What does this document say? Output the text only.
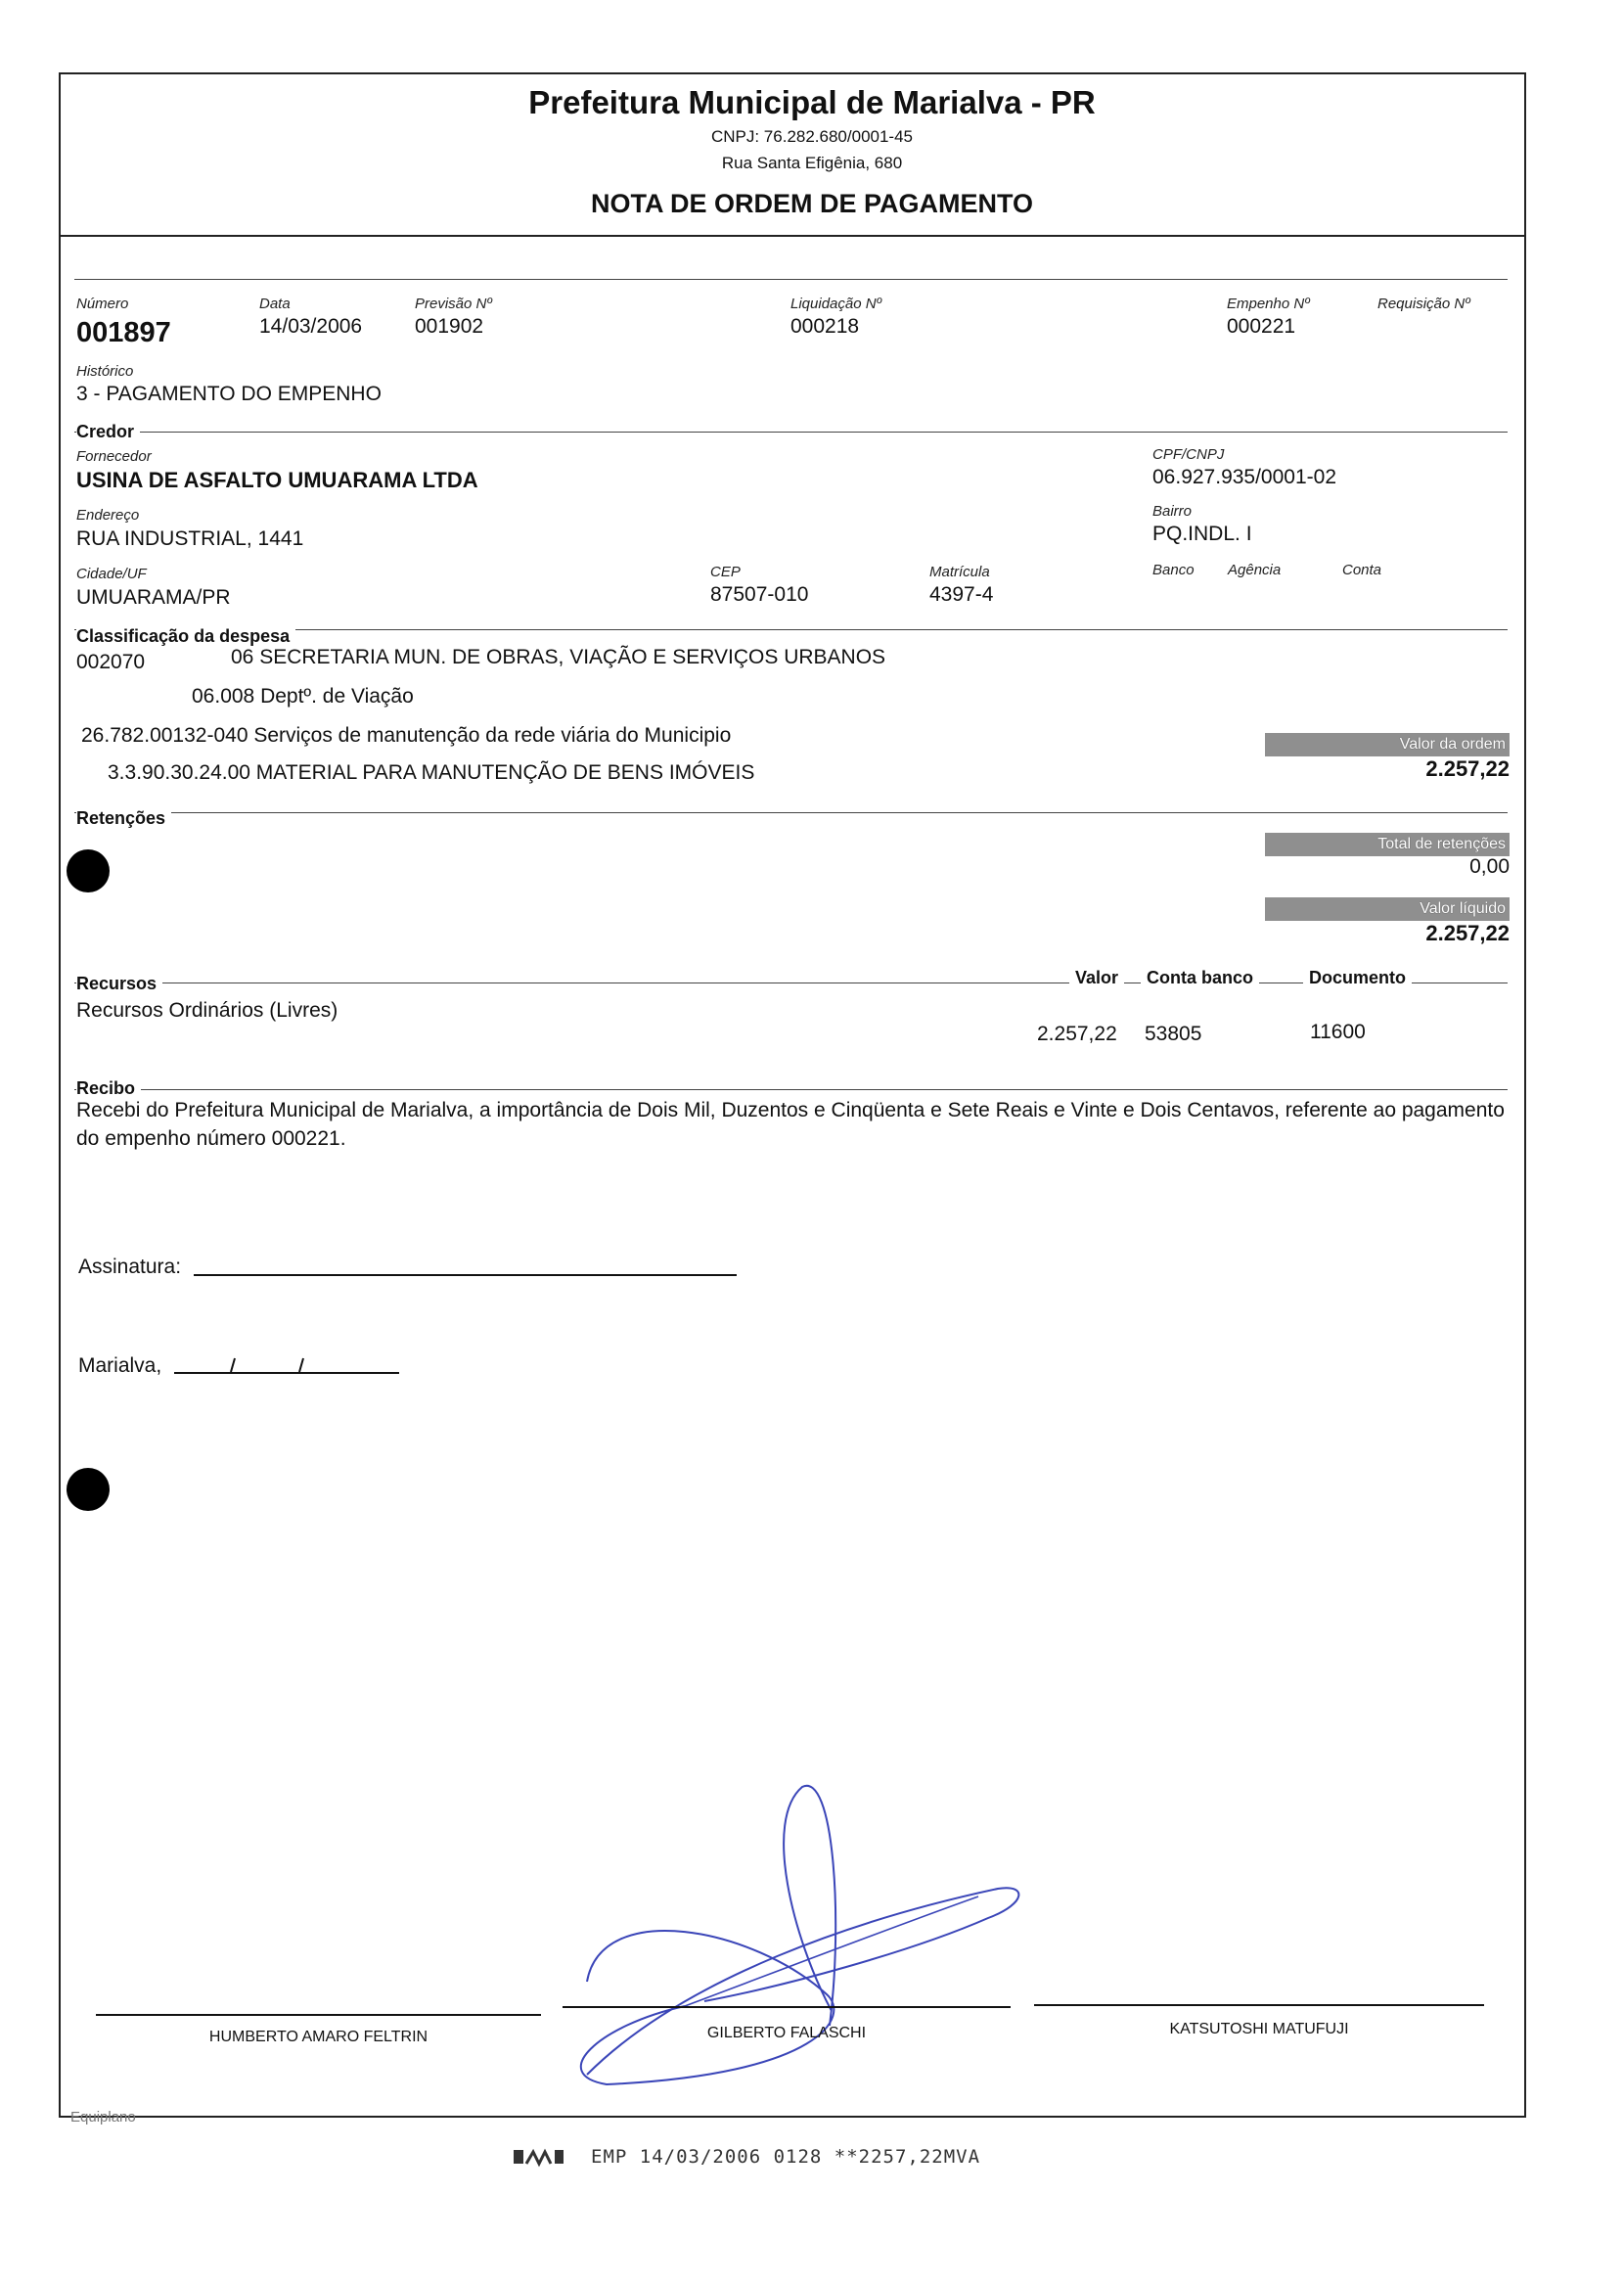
Prefeitura Municipal de Marialva - PR
CNPJ: 76.282.680/0001-45
Rua Santa Efigênia, 680
NOTA DE ORDEM DE PAGAMENTO
Número
001897
Data
14/03/2006
Previsão Nº
001902
Liquidação Nº
000218
Empenho Nº
000221
Requisição Nº
Histórico
3 - PAGAMENTO DO EMPENHO
Credor
Fornecedor
USINA DE ASFALTO UMUARAMA LTDA
CPF/CNPJ
06.927.935/0001-02
Endereço
RUA INDUSTRIAL, 1441
Bairro
PQ.INDL. I
Cidade/UF
UMUARAMA/PR
CEP
87507-010
Matrícula
4397-4
Banco Agência	Conta
Classificação da despesa
002070	06 SECRETARIA MUN. DE OBRAS, VIAÇÃO E SERVIÇOS URBANOS
06.008 Deptº. de Viação
26.782.00132-040 Serviços de manutenção da rede viária do Municipio
3.3.90.30.24.00 MATERIAL PARA MANUTENÇÃO DE BENS IMÓVEIS
Valor da ordem
2.257,22
Retenções
Total de retenções
0,00
Valor líquido
2.257,22
Recursos	Valor	Conta banco	Documento
Recursos Ordinários (Livres)
2.257,22 53805	11600
Recibo
Recebi do Prefeitura Municipal de Marialva, a importância de Dois Mil, Duzentos e Cinqüenta e Sete Reais e Vinte e Dois Centavos, referente ao pagamento do empenho número 000221.
Assinatura:
Marialva,
HUMBERTO AMARO FELTRIN	GILBERTO FALASCHI	KATSUTOSHI MATUFUJI
Equiplano
EMP 14/03/2006 0128 **2257,22MVA
